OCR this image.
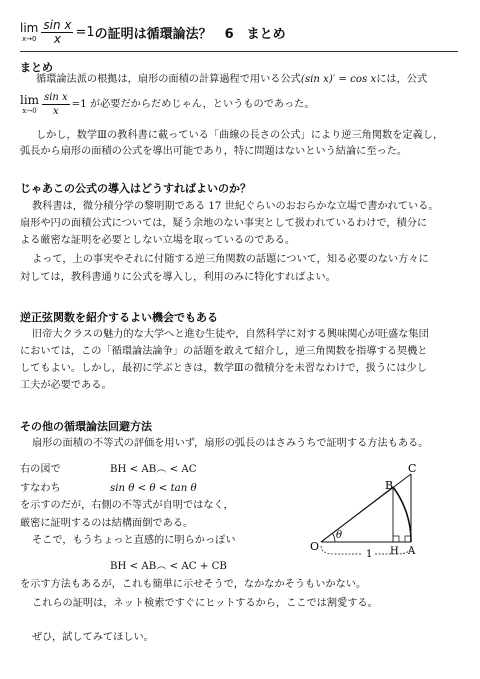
lim
$x\to 0 \frac{\text{sin x}}{x} =1$ の証明は循環論法？　6　まとめ
まとめ
循環論法派の根拠は，扇形の面積の計算過程で用いる公式(sin x)′ = cos xには，公式
lim
$x\to 0 \frac{\text{sin x}}{x} =1$ が必要だからだめじゃん，というものであった。
しかし，数学Ⅲの教科書に載っている「曲線の長さの公式」により逆三角関数を定義し，
弧長から扇形の面積の公式を導出可能であり，特に問題はないという結論に至った。
じゃあこの公式の導入はどうすればよいのか？
教科書は，微分積分学の黎明期である 17 世紀ぐらいのおおらかな立場で書かれている。
扇形や円の面積公式については，疑う余地のない事実として扱われているわけで，積分に
よる厳密な証明を必要としない立場を取っているのである。
よって，上の事実やそれに付随する逆三角関数の話題について，知る必要のない方々に
対しては，教科書通りに公式を導入し，利用のみに特化すればよい。
逆正弦関数を紹介するよい機会でもある
旧帝大クラスの魅力的な大学へと進む生徒や，自然科学に対する興味関心が旺盛な集団
においては，この「循環論法論争」の話題を敢えて紹介し，逆三角関数を指導する契機と
してもよい。しかし，最初に学ぶときは，数学Ⅲの微積分を未習なわけで，扱うには少し
工夫が必要である。
その他の循環論法回避方法
扇形の面積の不等式の評価を用いず，扇形の弧長のはさみうちで証明する方法もある。
右の図で	BH < AB︵ < AC
すなわち	sin θ < θ < tan θ
を示すのだが，右側の不等式が自明ではなく，
厳密に証明するのは結構面倒である。
そこで，もうちょっと直感的に明らかっぽい
BH < AB︵ < AC + CB
を示す方法もあるが，これも簡単に示せそうで，なかなかそうもいかない。
これらの証明は，ネット検索ですぐにヒットするから，ここでは割愛する。
ぜひ，試してみてほしい。
1
O	A
H
B
C
θ
